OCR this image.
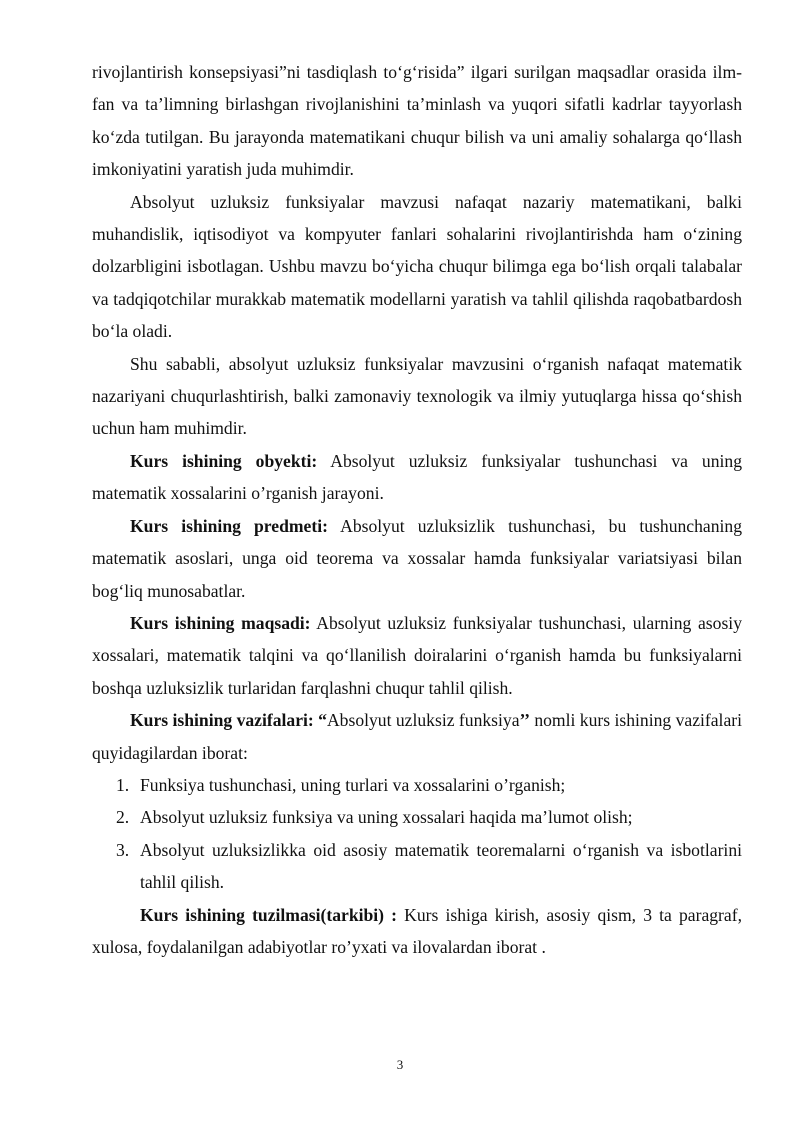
rivojlantirish konsepsiyasi”ni tasdiqlash to‘g‘risida” ilgari surilgan maqsadlar orasida ilm-fan va ta’limning birlashgan rivojlanishini ta’minlash va yuqori sifatli kadrlar tayyorlash ko‘zda tutilgan. Bu jarayonda matematikani chuqur bilish va uni amaliy sohalarga qo‘llash imkoniyatini yaratish juda muhimdir.

Absolyut uzluksiz funksiyalar mavzusi nafaqat nazariy matematikani, balki muhandislik, iqtisodiyot va kompyuter fanlari sohalarini rivojlantirishda ham o‘zining dolzarbligini isbotlagan. Ushbu mavzu bo‘yicha chuqur bilimga ega bo‘lish orqali talabalar va tadqiqotchilar murakkab matematik modellarni yaratish va tahlil qilishda raqobatbardosh bo‘la oladi.

Shu sababli, absolyut uzluksiz funksiyalar mavzusini o‘rganish nafaqat matematik nazariyani chuqurlashtirish, balki zamonaviy texnologik va ilmiy yutuqlarga hissa qo‘shish uchun ham muhimdir.

Kurs ishining obyekti: Absolyut uzluksiz funksiyalar tushunchasi va uning matematik xossalarini o’rganish jarayoni.

Kurs ishining predmeti: Absolyut uzluksizlik tushunchasi, bu tushunchaning matematik asoslari, unga oid teorema va xossalar hamda funksiyalar variatsiyasi bilan bog‘liq munosabatlar.

Kurs ishining maqsadi: Absolyut uzluksiz funksiyalar tushunchasi, ularning asosiy xossalari, matematik talqini va qo‘llanilish doiralarini o‘rganish hamda bu funksiyalarni boshqa uzluksizlik turlaridan farqlashni chuqur tahlil qilish.

Kurs ishining vazifalari: “Absolyut uzluksiz funksiya’’ nomli kurs ishining vazifalari quyidagilardan iborat:

1. Funksiya tushunchasi, uning turlari va xossalarini o’rganish;
2. Absolyut uzluksiz funksiya va uning xossalari haqida ma’lumot olish;
3. Absolyut uzluksizlikka oid asosiy matematik teoremalarni o‘rganish va isbotlarini tahlil qilish.

Kurs ishining tuzilmasi(tarkibi) : Kurs ishiga kirish, asosiy qism, 3 ta paragraf, xulosa, foydalanilgan adabiyotlar ro’yxati va ilovalardan iborat .

3
